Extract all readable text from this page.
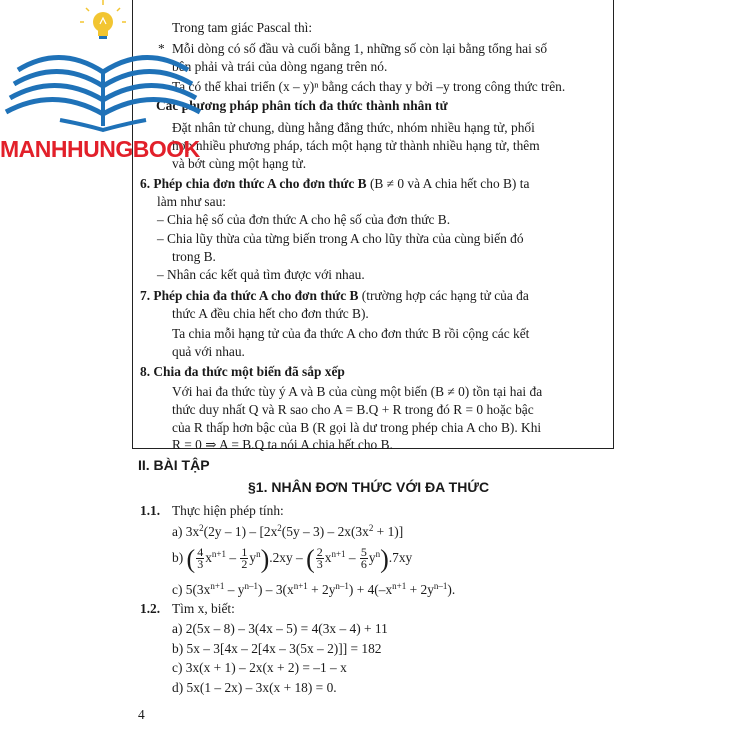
Trong tam giác Pascal thì:
* Mỗi dòng có số đầu và cuối bằng 1, những số còn lại bằng tổng hai số
bên phải và trái của dòng ngang trên nó.
Ta có thể khai triển (x – y)ⁿ bằng cách thay y bởi –y trong công thức trên.
Các phương pháp phân tích đa thức thành nhân tử
Đặt nhân tử chung, dùng hằng đẳng thức, nhóm nhiều hạng tử, phối
hợp nhiều phương pháp, tách một hạng tử thành nhiều hạng tử, thêm
và bớt cùng một hạng tử.
6. Phép chia đơn thức A cho đơn thức B (B ≠ 0 và A chia hết cho B) ta
làm như sau:
– Chia hệ số của đơn thức A cho hệ số của đơn thức B.
– Chia lũy thừa của từng biến trong A cho lũy thừa của cùng biến đó
trong B.
– Nhân các kết quả tìm được với nhau.
7. Phép chia đa thức A cho đơn thức B (trường hợp các hạng tử của đa
thức A đều chia hết cho đơn thức B).
Ta chia mỗi hạng tử của đa thức A cho đơn thức B rồi cộng các kết
quả với nhau.
8. Chia đa thức một biến đã sắp xếp
Với hai đa thức tùy ý A và B của cùng một biến (B ≠ 0) tồn tại hai đa
thức duy nhất Q và R sao cho A = B.Q + R trong đó R = 0 hoặc bậc
của R thấp hơn bậc của B (R gọi là dư trong phép chia A cho B). Khi
R = 0 ⇒ A = B.Q ta nói A chia hết cho B.
II. BÀI TẬP
§1. NHÂN ĐƠN THỨC VỚI ĐA THỨC
1.1. Thực hiện phép tính:
a) $3x^2(2y - 1) - [2x^2(5y - 3) - 2x(3x^2 + 1)]$
b) ( $\frac{4}{3} x^{n+1} - \frac{1}{2} y^n).2xy$ – ( $\frac{2}{3} x^{n+1} - \frac{5}{6} y^n).7xy$
c) $5(3x^{n+1} - y^{n-1}) - 3(x^{n+1} + 2y^{n-1}) + 4(-x^{n+1} + 2y^{n-1})$.
1.2. Tìm x, biết:
a) 2(5x – 8) – 3(4x – 5) = 4(3x – 4) + 11
b) 5x – 3[4x – 2[4x – 3(5x – 2)]] = 182
c) 3x(x + 1) – 2x(x + 2) = –1 – x
d) 5x(1 – 2x) – 3x(x + 18) = 0.
4
MANHHUNGBOOK
